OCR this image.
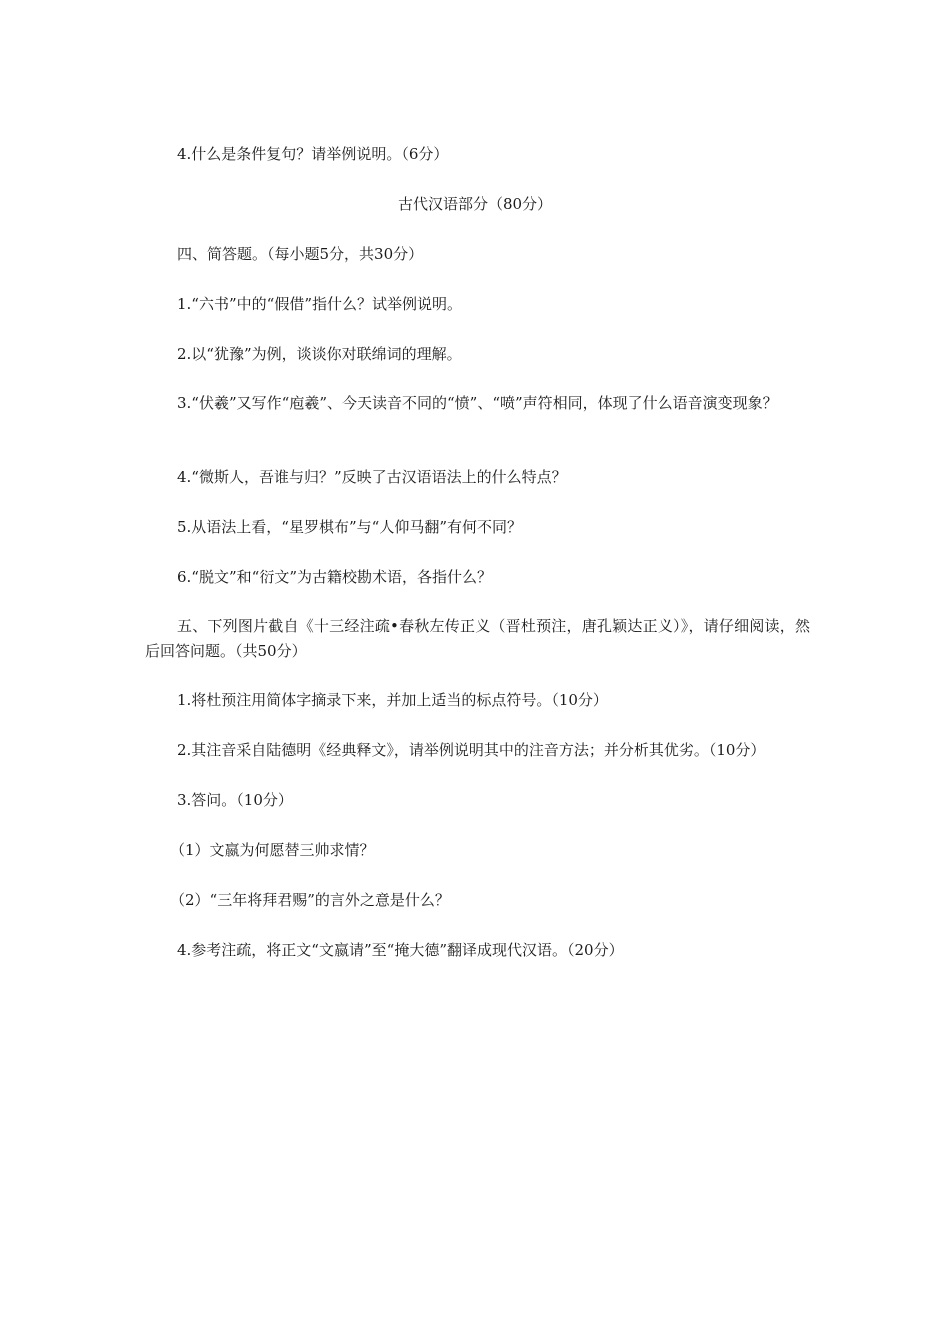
4.什么是条件复句？请举例说明。（6分）
古代汉语部分（80分）
四、简答题。（每小题5分，共30分）
1.“六书”中的“假借”指什么？试举例说明。
2.以“犹豫”为例，谈谈你对联绵词的理解。
3.“伏羲”又写作“庖羲”、今天读音不同的“愤”、“喷”声符相同，体现了什么语音演变现象？
4.“微斯人，吾谁与归？”反映了古汉语语法上的什么特点？
5.从语法上看，“星罗棋布”与“人仰马翻”有何不同？
6.“脱文”和“衍文”为古籍校勘术语，各指什么？
五、下列图片截自《十三经注疏•春秋左传正义（晋杜预注，唐孔颖达正义）》，请仔细阅读，然后回答问题。（共50分）
1.将杜预注用简体字摘录下来，并加上适当的标点符号。（10分）
2.其注音采自陆德明《经典释文》，请举例说明其中的注音方法；并分析其优劣。（10分）
3.答问。（10分）
（1）文嬴为何愿替三帅求情？
（2）“三年将拜君赐”的言外之意是什么？
4.参考注疏，将正文“文嬴请”至“掩大德”翻译成现代汉语。（20分）
